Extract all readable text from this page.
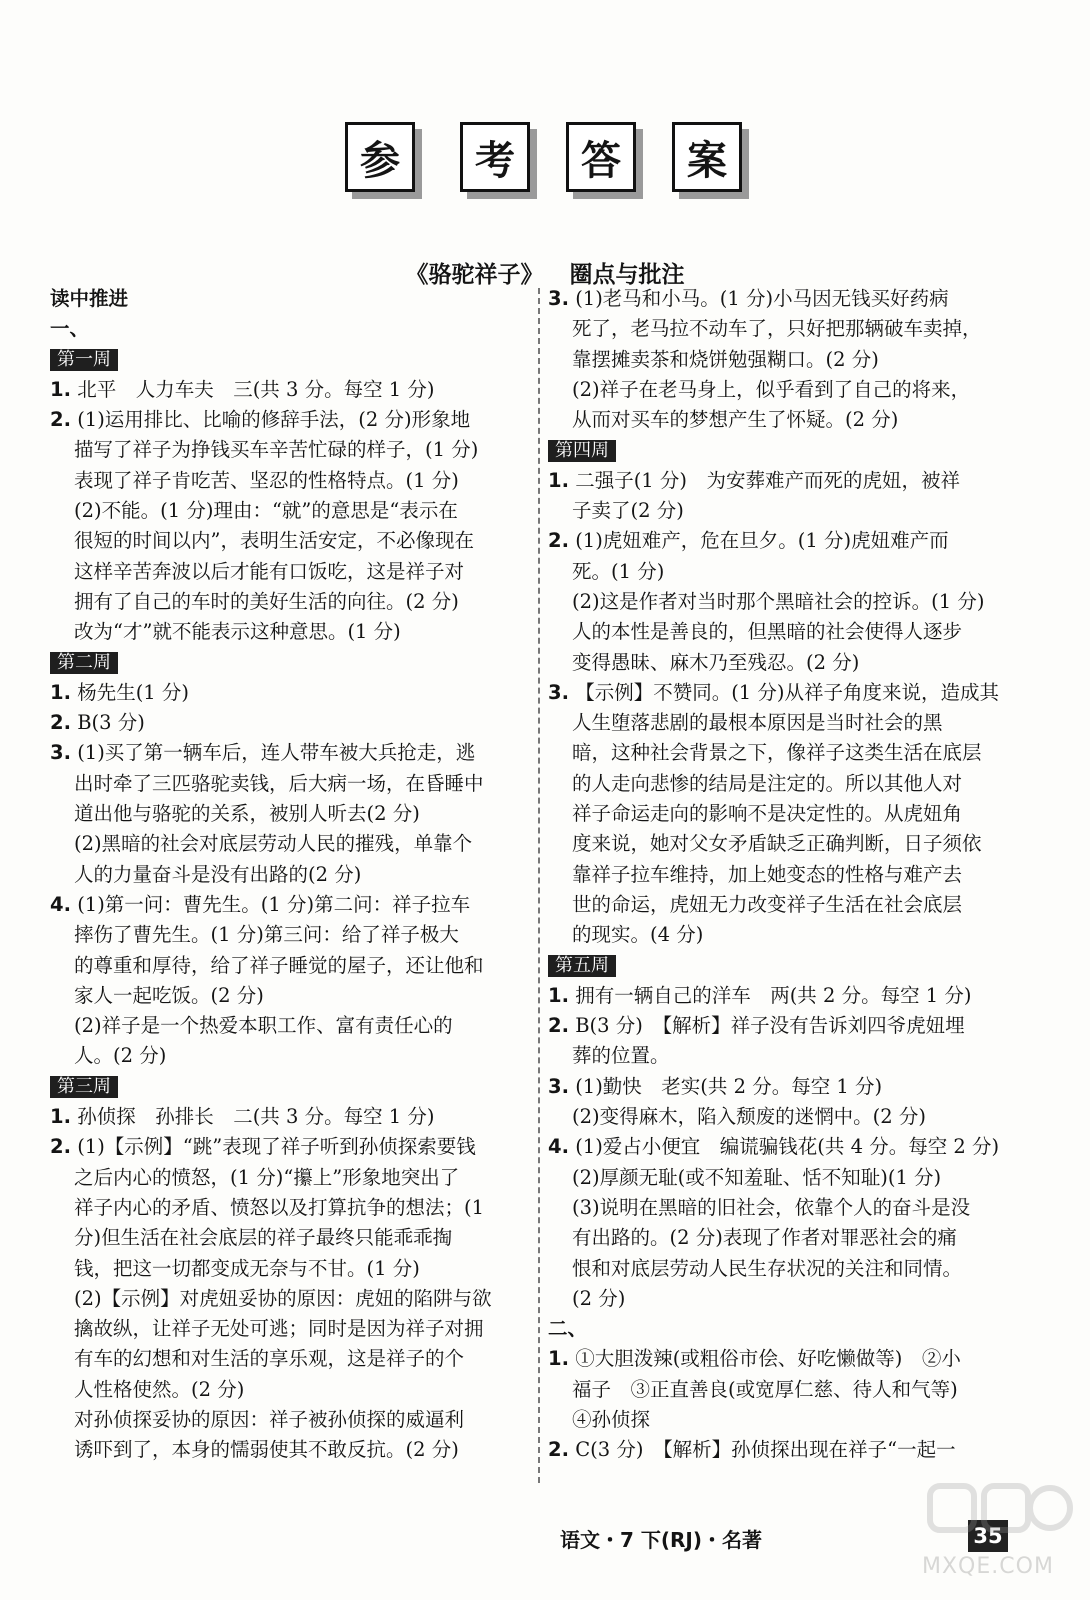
参	考	答	案
《骆驼祥子》 圈点与批注
读中推进
一、
第一周
1. 北平　人力车夫　三(共 3 分。每空 1 分)
2. (1)运用排比、比喻的修辞手法，(2 分)形象地
描写了祥子为挣钱买车辛苦忙碌的样子，(1 分)
表现了祥子肯吃苦、坚忍的性格特点。(1 分)
(2)不能。(1 分)理由：“就”的意思是“表示在
很短的时间以内”，表明生活安定，不必像现在
这样辛苦奔波以后才能有口饭吃，这是祥子对
拥有了自己的车时的美好生活的向往。(2 分)
改为“才”就不能表示这种意思。(1 分)
第二周
1. 杨先生(1 分)
2. B(3 分)
3. (1)买了第一辆车后，连人带车被大兵抢走，逃
出时牵了三匹骆驼卖钱，后大病一场，在昏睡中
道出他与骆驼的关系，被别人听去(2 分)
(2)黑暗的社会对底层劳动人民的摧残，单靠个
人的力量奋斗是没有出路的(2 分)
4. (1)第一问：曹先生。(1 分)第二问：祥子拉车
摔伤了曹先生。(1 分)第三问：给了祥子极大
的尊重和厚待，给了祥子睡觉的屋子，还让他和
家人一起吃饭。(2 分)
(2)祥子是一个热爱本职工作、富有责任心的
人。(2 分)
第三周
1. 孙侦探　孙排长　二(共 3 分。每空 1 分)
2. (1)【示例】“跳”表现了祥子听到孙侦探索要钱
之后内心的愤怒，(1 分)“攥上”形象地突出了
祥子内心的矛盾、愤怒以及打算抗争的想法；(1
分)但生活在社会底层的祥子最终只能乖乖掏
钱，把这一切都变成无奈与不甘。(1 分)
(2)【示例】对虎妞妥协的原因：虎妞的陷阱与欲
擒故纵，让祥子无处可逃；同时是因为祥子对拥
有车的幻想和对生活的享乐观，这是祥子的个
人性格使然。(2 分)
对孙侦探妥协的原因：祥子被孙侦探的威逼利
诱吓到了，本身的懦弱使其不敢反抗。(2 分)
3. (1)老马和小马。(1 分)小马因无钱买好药病
死了，老马拉不动车了，只好把那辆破车卖掉，
靠摆摊卖茶和烧饼勉强糊口。(2 分)
(2)祥子在老马身上，似乎看到了自己的将来，
从而对买车的梦想产生了怀疑。(2 分)
第四周
1. 二强子(1 分)　为安葬难产而死的虎妞，被祥
子卖了(2 分)
2. (1)虎妞难产，危在旦夕。(1 分)虎妞难产而
死。(1 分)
(2)这是作者对当时那个黑暗社会的控诉。(1 分)
人的本性是善良的，但黑暗的社会使得人逐步
变得愚昧、麻木乃至残忍。(2 分)
3. 【示例】不赞同。(1 分)从祥子角度来说，造成其
人生堕落悲剧的最根本原因是当时社会的黑
暗，这种社会背景之下，像祥子这类生活在底层
的人走向悲惨的结局是注定的。所以其他人对
祥子命运走向的影响不是决定性的。从虎妞角
度来说，她对父女矛盾缺乏正确判断，日子须依
靠祥子拉车维持，加上她变态的性格与难产去
世的命运，虎妞无力改变祥子生活在社会底层
的现实。(4 分)
第五周
1. 拥有一辆自己的洋车　两(共 2 分。每空 1 分)
2. B(3 分)　【解析】祥子没有告诉刘四爷虎妞埋
葬的位置。
3. (1)勤快　老实(共 2 分。每空 1 分)
(2)变得麻木，陷入颓废的迷惘中。(2 分)
4. (1)爱占小便宜　编谎骗钱花(共 4 分。每空 2 分)
(2)厚颜无耻(或不知羞耻、恬不知耻)(1 分)
(3)说明在黑暗的旧社会，依靠个人的奋斗是没
有出路的。(2 分)表现了作者对罪恶社会的痛
恨和对底层劳动人民生存状况的关注和同情。
(2 分)
二、
1. ①大胆泼辣(或粗俗市侩、好吃懒做等)　②小
福子　③正直善良(或宽厚仁慈、待人和气等)
④孙侦探
2. C(3 分)　【解析】孙侦探出现在祥子“一起一
语文・7 下(RJ)・名著	35
MXQE.COM
